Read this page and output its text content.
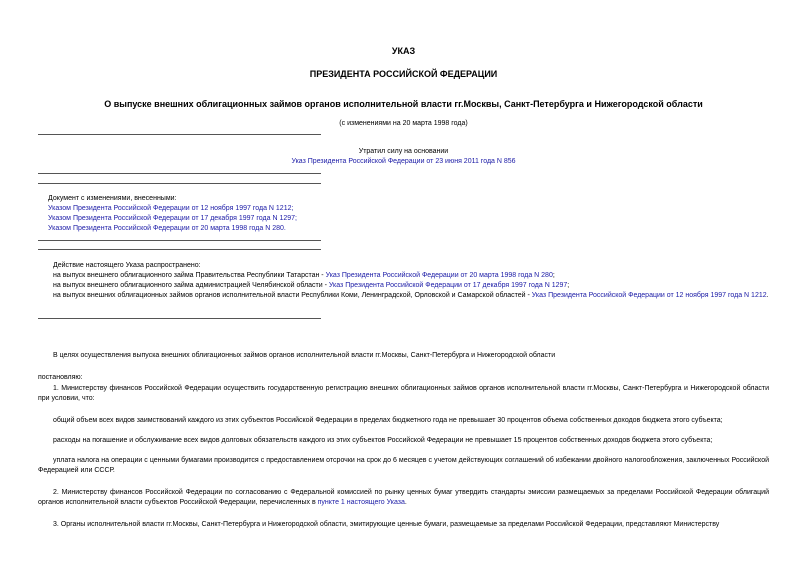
УКАЗ
ПРЕЗИДЕНТА РОССИЙСКОЙ ФЕДЕРАЦИИ
О выпуске внешних облигационных займов органов исполнительной власти гг.Москвы, Санкт-Петербурга и Нижегородской области
(с изменениями на 20 марта 1998 года)
Утратил силу на основании
Указ Президента Российской Федерации от 23 июня 2011 года N 856
Документ с изменениями, внесенными:
Указом Президента Российской Федерации от 12 ноября 1997 года N 1212;
Указом Президента Российской Федерации от 17 декабря 1997 года N 1297;
Указом Президента Российской Федерации от 20 марта 1998 года N 280.
Действие настоящего Указа распространено:
на выпуск внешнего облигационного займа Правительства Республики Татарстан - Указ Президента Российской Федерации от 20 марта 1998 года N 280;
на выпуск внешнего облигационного займа администрацией Челябинской области - Указ Президента Российской Федерации от 17 декабря 1997 года N 1297;
на выпуск внешних облигационных займов органов исполнительной власти Республики Коми, Ленинградской, Орловской и Самарской областей - Указ Президента Российской Федерации от 12 ноября 1997 года N 1212.
В целях осуществления выпуска внешних облигационных займов органов исполнительной власти гг.Москвы, Санкт-Петербурга и Нижегородской области
постановляю:
1. Министерству финансов Российской Федерации осуществить государственную регистрацию внешних облигационных займов органов исполнительной власти гг.Москвы, Санкт-Петербурга и Нижегородской области при условии, что:
общий объем всех видов заимствований каждого из этих субъектов Российской Федерации в пределах бюджетного года не превышает 30 процентов объема собственных доходов бюджета этого субъекта;
расходы на погашение и обслуживание всех видов долговых обязательств каждого из этих субъектов Российской Федерации не превышает 15 процентов собственных доходов бюджета этого субъекта;
уплата налога на операции с ценными бумагами производится с предоставлением отсрочки на срок до 6 месяцев с учетом действующих соглашений об избежании двойного налогообложения, заключенных Российской Федерацией или СССР.
2. Министерству финансов Российской Федерации по согласованию с Федеральной комиссией по рынку ценных бумаг утвердить стандарты эмиссии размещаемых за пределами Российской Федерации облигаций органов исполнительной власти субъектов Российской Федерации, перечисленных в пункте 1 настоящего Указа.
3. Органы исполнительной власти гг.Москвы, Санкт-Петербурга и Нижегородской области, эмитирующие ценные бумаги, размещаемые за пределами Российской Федерации, представляют Министерству
